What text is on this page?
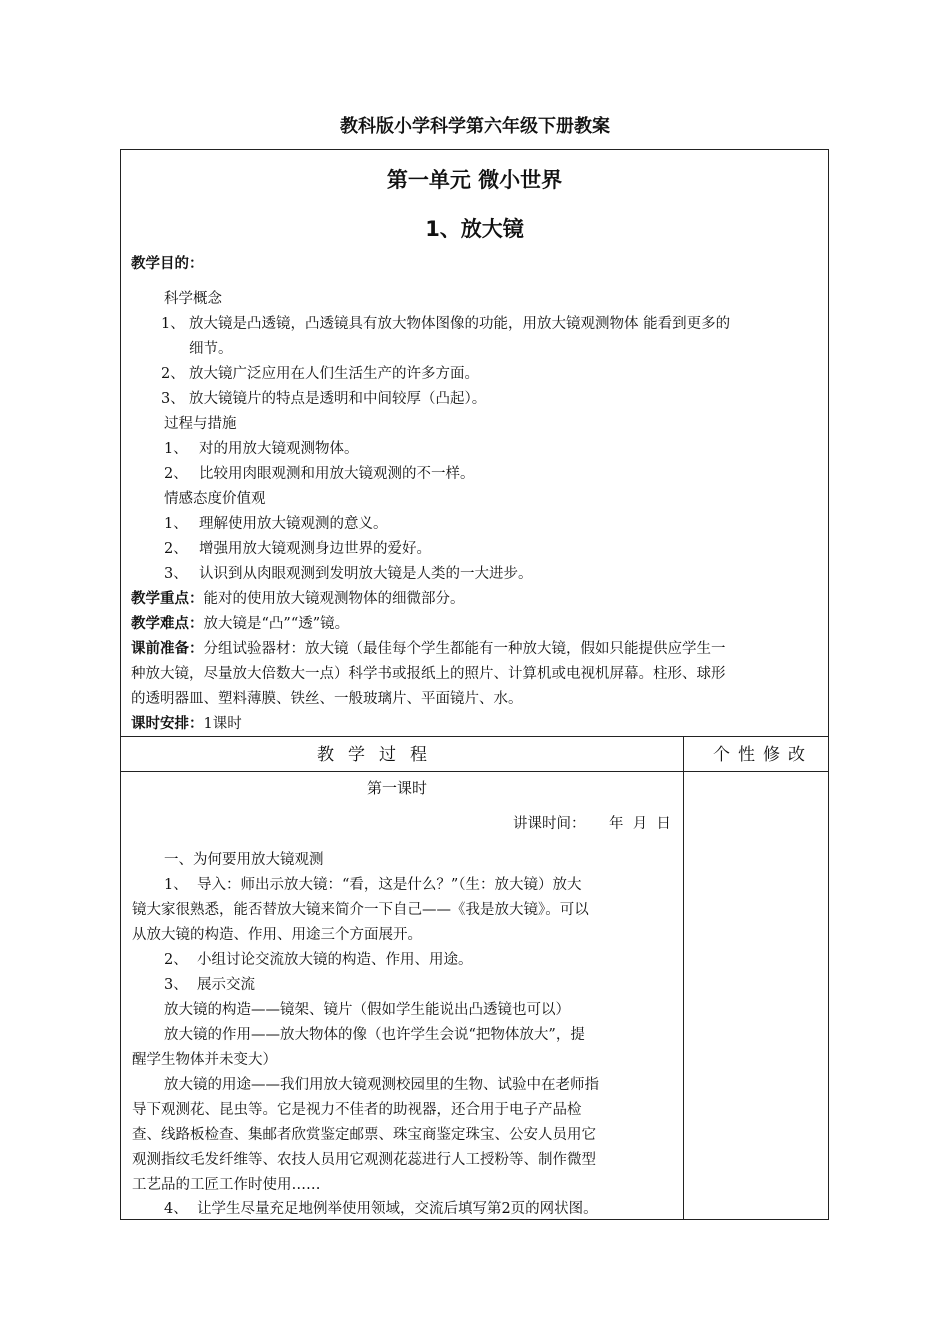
教科版小学科学第六年级下册教案
第一单元 微小世界
1、放大镜
教学目的：
科学概念
1、 放大镜是凸透镜，凸透镜具有放大物体图像的功能，用放大镜观测物体 能看到更多的
细节。
2、 放大镜广泛应用在人们生活生产的许多方面。
3、 放大镜镜片的特点是透明和中间较厚（凸起）。
过程与措施
1、 对的用放大镜观测物体。
2、 比较用肉眼观测和用放大镜观测的不一样。
情感态度价值观
1、 理解使用放大镜观测的意义。
2、 增强用放大镜观测身边世界的爱好。
3、 认识到从肉眼观测到发明放大镜是人类的一大进步。
教学重点：能对的使用放大镜观测物体的细微部分。
教学难点：放大镜是“凸”“透”镜。
课前准备：分组试验器材：放大镜（最佳每个学生都能有一种放大镜，假如只能提供应学生一
种放大镜，尽量放大倍数大一点）科学书或报纸上的照片、计算机或电视机屏幕。柱形、球形
的透明器皿、塑料薄膜、铁丝、一般玻璃片、平面镜片、水。
课时安排：1课时
教学过程	个性修改
第一课时
讲课时间： 年  月  日
一、为何要用放大镜观测
1、  导入：师出示放大镜：“看，这是什么？”（生：放大镜）放大
镜大家很熟悉，能否替放大镜来简介一下自己——《我是放大镜》。可以
从放大镜的构造、作用、用途三个方面展开。
2、  小组讨论交流放大镜的构造、作用、用途。
3、  展示交流
放大镜的构造——镜架、镜片（假如学生能说出凸透镜也可以）
放大镜的作用——放大物体的像（也许学生会说“把物体放大”，提
醒学生物体并未变大）
放大镜的用途——我们用放大镜观测校园里的生物、试验中在老师指
导下观测花、昆虫等。它是视力不佳者的助视器，还合用于电子产品检
查、线路板检查、集邮者欣赏鉴定邮票、珠宝商鉴定珠宝、公安人员用它
观测指纹毛发纤维等、农技人员用它观测花蕊进行人工授粉等、制作微型
工艺品的工匠工作时使用……
4、  让学生尽量充足地例举使用领域，交流后填写第2页的网状图。
